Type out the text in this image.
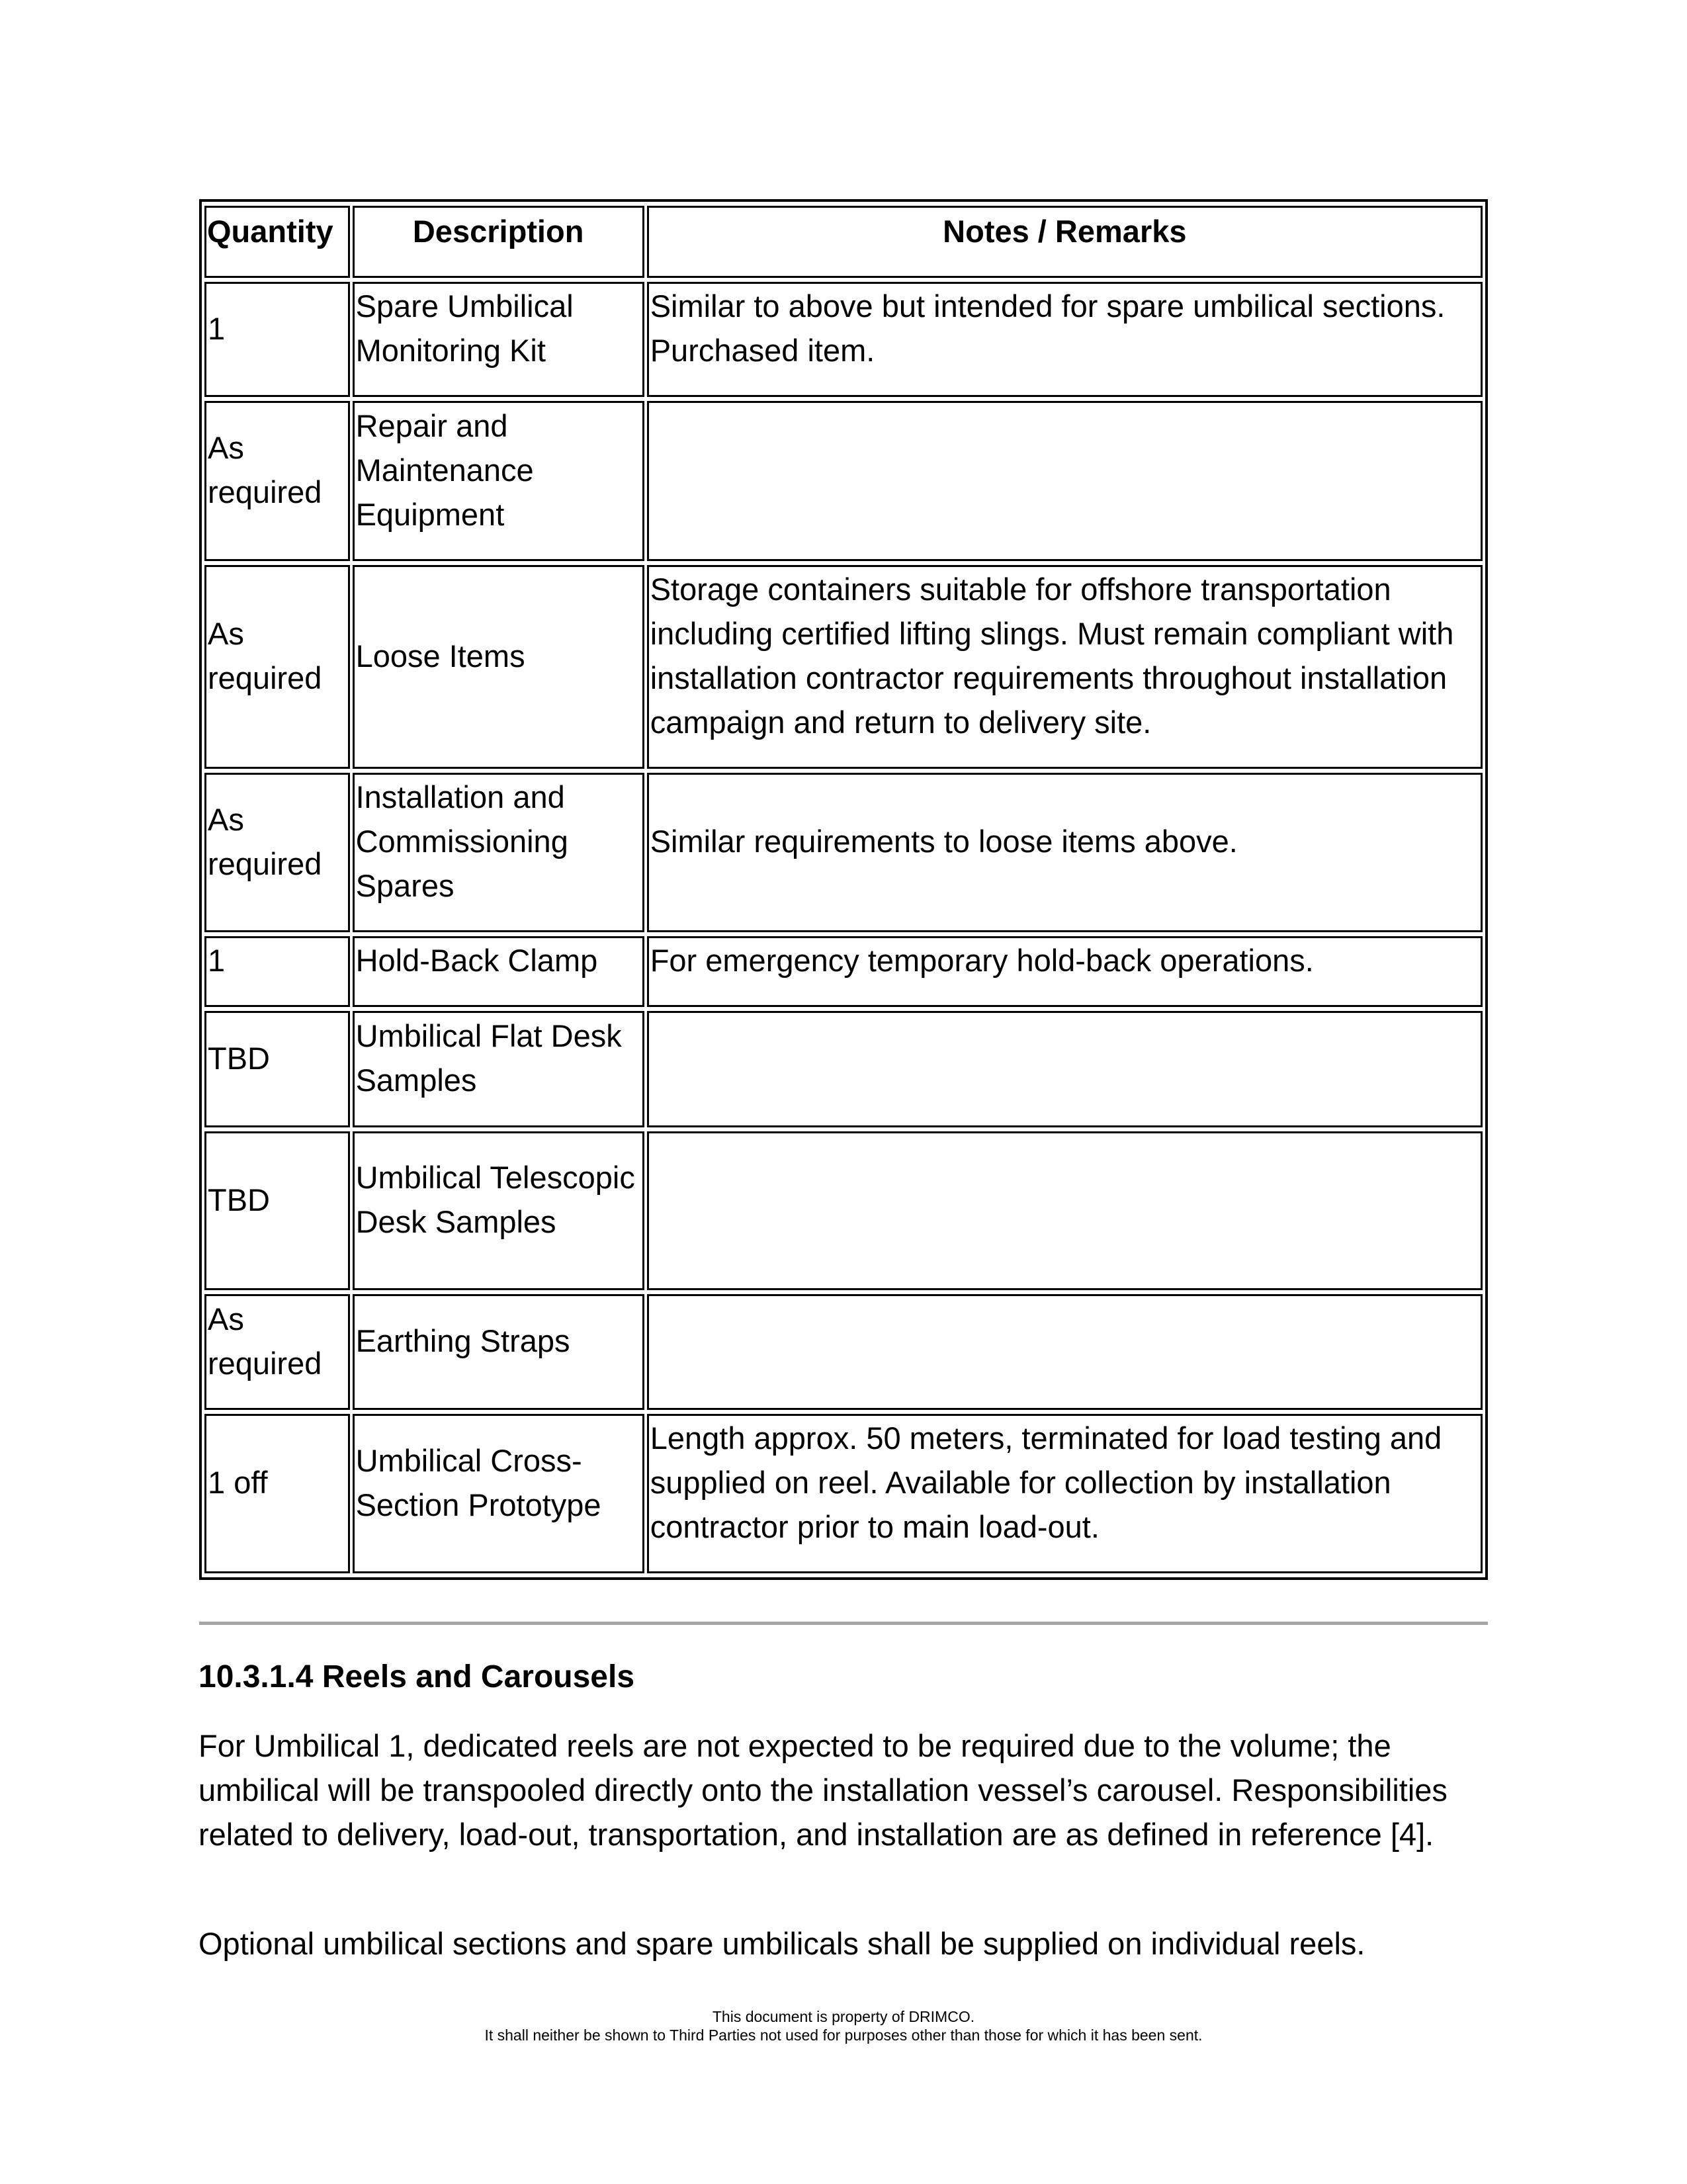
Quantity	Description	Notes / Remarks

1	Spare Umbilical Monitoring Kit	Similar to above but intended for spare umbilical sections. Purchased item.

As required	Repair and Maintenance Equipment	

As required	Loose Items	Storage containers suitable for offshore transportation including certified lifting slings. Must remain compliant with installation contractor requirements throughout installation campaign and return to delivery site.

As required	Installation and Commissioning Spares	Similar requirements to loose items above.

1	Hold-Back Clamp	For emergency temporary hold-back operations.

TBD	Umbilical Flat Desk Samples	

TBD	Umbilical Telescopic Desk Samples	

As required	Earthing Straps	

1 off	Umbilical Cross-Section Prototype	Length approx. 50 meters, terminated for load testing and supplied on reel. Available for collection by installation contractor prior to main load-out.
10.3.1.4 Reels and Carousels

For Umbilical 1, dedicated reels are not expected to be required due to the volume; the umbilical will be transpooled directly onto the installation vessel’s carousel. Responsibilities related to delivery, load-out, transportation, and installation are as defined in reference [4].

Optional umbilical sections and spare umbilicals shall be supplied on individual reels.

This document is property of DRIMCO.
It shall neither be shown to Third Parties not used for purposes other than those for which it has been sent.
